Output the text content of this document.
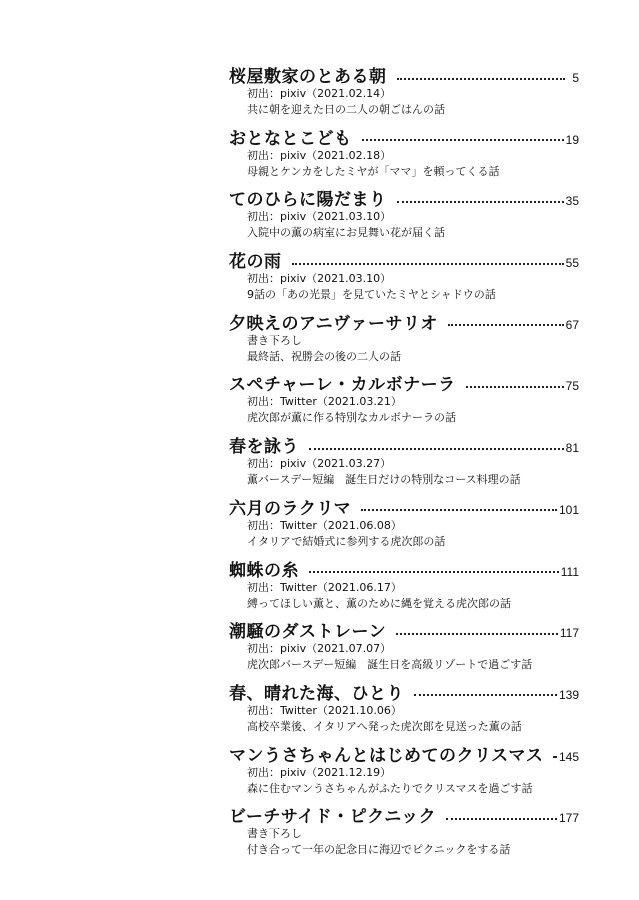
桜屋敷家のとある朝	5
初出：pixiv（2021.02.14）
共に朝を迎えた日の二人の朝ごはんの話
おとなとこども	19
初出：pixiv（2021.02.18）
母親とケンカをしたミヤが「ママ」を頼ってくる話
てのひらに陽だまり	35
初出：pixiv（2021.03.10）
入院中の薫の病室にお見舞い花が届く話
花の雨	55
初出：pixiv（2021.03.10）
9話の「あの光景」を見ていたミヤとシャドウの話
夕映えのアニヴァーサリオ	67
書き下ろし
最終話、祝勝会の後の二人の話
スペチャーレ・カルボナーラ	75
初出：Twitter（2021.03.21）
虎次郎が薫に作る特別なカルボナーラの話
春を詠う	81
初出：pixiv（2021.03.27）
薫バースデー短編　誕生日だけの特別なコース料理の話
六月のラクリマ	101
初出：Twitter（2021.06.08）
イタリアで結婚式に参列する虎次郎の話
蜘蛛の糸	111
初出：Twitter（2021.06.17）
縛ってほしい薫と、薫のために縄を覚える虎次郎の話
潮騒のダストレーン	117
初出：pixiv（2021.07.07）
虎次郎バースデー短編　誕生日を高級リゾートで過ごす話
春、晴れた海、ひとり	139
初出：Twitter（2021.10.06）
高校卒業後、イタリアへ発った虎次郎を見送った薫の話
マンうさちゃんとはじめてのクリスマス 145
初出：pixiv（2021.12.19）
森に住むマンうさちゃんがふたりでクリスマスを過ごす話
ビーチサイド・ピクニック	177
書き下ろし
付き合って一年の記念日に海辺でピクニックをする話
